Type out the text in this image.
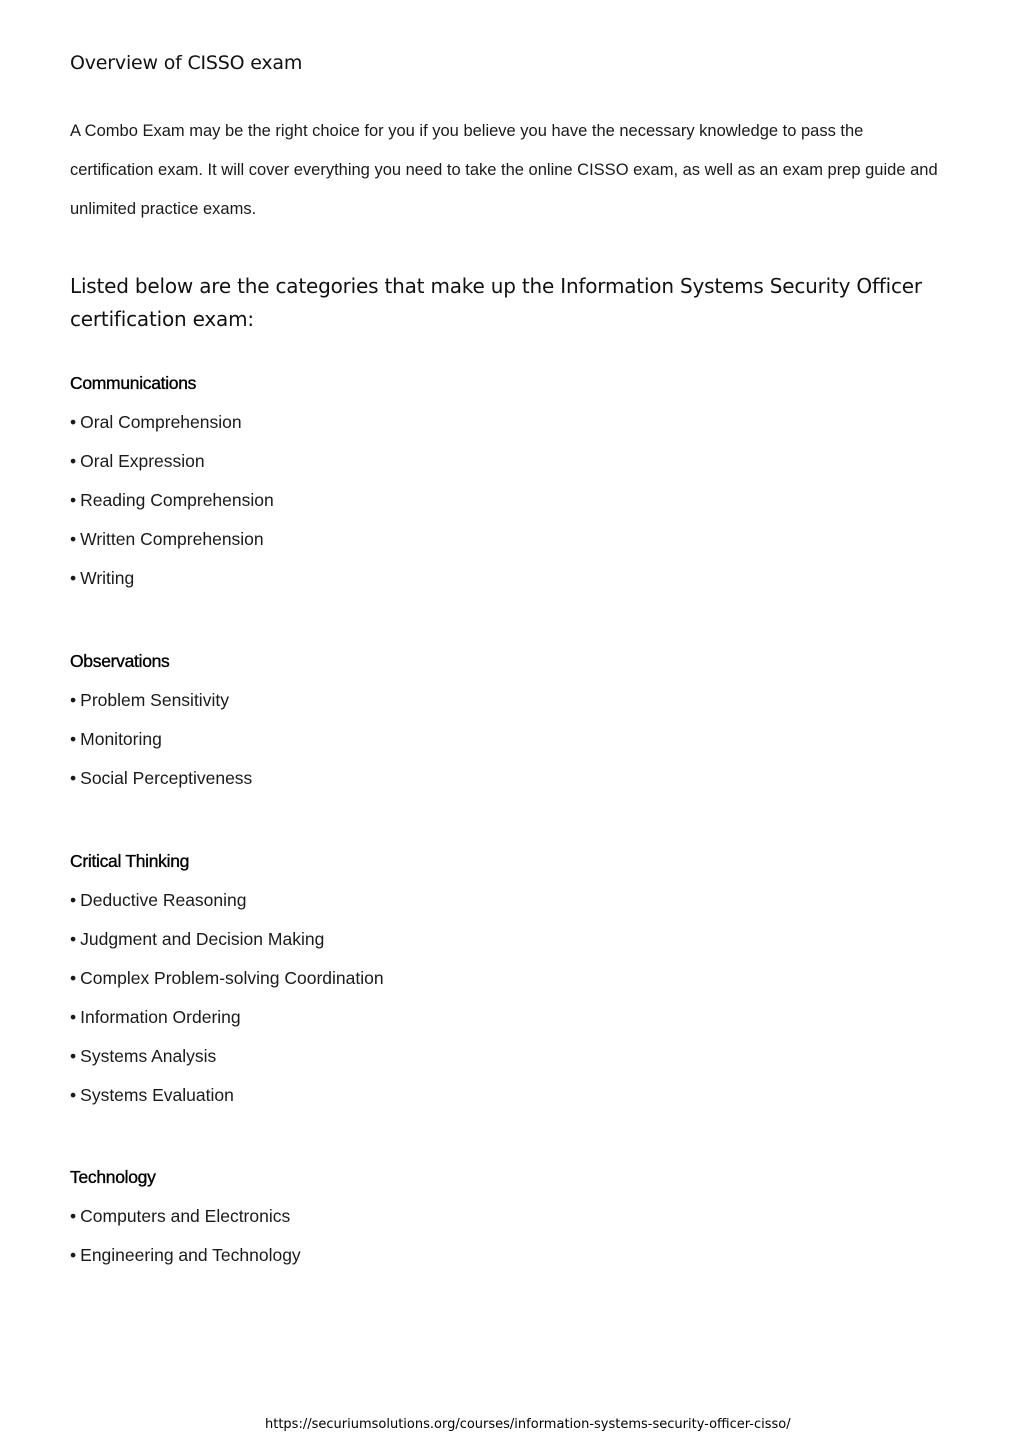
Overview of CISSO exam

A Combo Exam may be the right choice for you if you believe you have the necessary knowledge to pass the certification exam. It will cover everything you need to take the online CISSO exam, as well as an exam prep guide and unlimited practice exams.

Listed below are the categories that make up the Information Systems Security Officer certification exam:
Communications
• Oral Comprehension
• Oral Expression
• Reading Comprehension
• Written Comprehension
• Writing
Observations
• Problem Sensitivity
• Monitoring
• Social Perceptiveness
Critical Thinking
• Deductive Reasoning
• Judgment and Decision Making
• Complex Problem-solving Coordination
• Information Ordering
• Systems Analysis
• Systems Evaluation
Technology
• Computers and Electronics
• Engineering and Technology
https://securiumsolutions.org/courses/information-systems-security-officer-cisso/
